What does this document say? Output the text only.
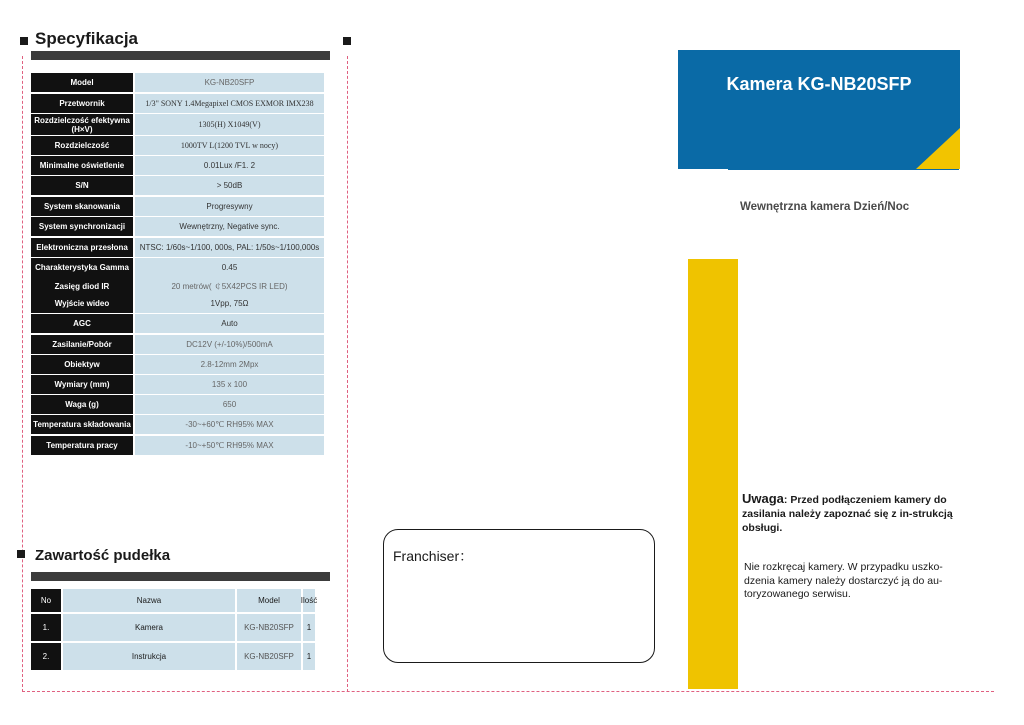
Specyfikacja
Model	KG-NB20SFP
Przetwornik	1/3" SONY 1.4Megapixel CMOS EXMOR IMX238
Rozdzielczość efektywna (H×V)	1305(H) X1049(V)
Rozdzielczość	1000TV L(1200 TVL w nocy)
Minimalne oświetlenie	0.01Lux /F1. 2
S/N	> 50dB
System skanowania	Progresywny
System synchronizacji	Wewnętrzny, Negative sync.
Elektroniczna przesłona	NTSC: 1/60s~1/100, 000s, PAL: 1/50s~1/100,000s
Charakterystyka Gamma	0.45
Zasięg diod IR	20 metrów( ￠5X42PCS IR LED)
Wyjście wideo	1Vpp, 75Ω
AGC	Auto
Zasilanie/Pobór	DC12V (+/-10%)/500mA
Obiektyw	2.8-12mm 2Mpx
Wymiary (mm)	135 x 100
Waga (g)	650
Temperatura składowania	-30~+60℃ RH95% MAX
Temperatura pracy	-10~+50℃ RH95% MAX
Zawartość pudełka
No	Nazwa	Model	Ilość
1.	Kamera	KG-NB20SFP	1
2.	Instrukcja	KG-NB20SFP	1
Franchiser：
Kamera KG-NB20SFP
Wewnętrzna kamera Dzień/Noc
Uwaga: Przed podłączeniem kamery do zasilania należy zapoznać się z in-strukcją obsługi.
Nie rozkręcaj kamery. W przypadku uszko-dzenia kamery należy dostarczyć ją do au-toryzowanego serwisu.
